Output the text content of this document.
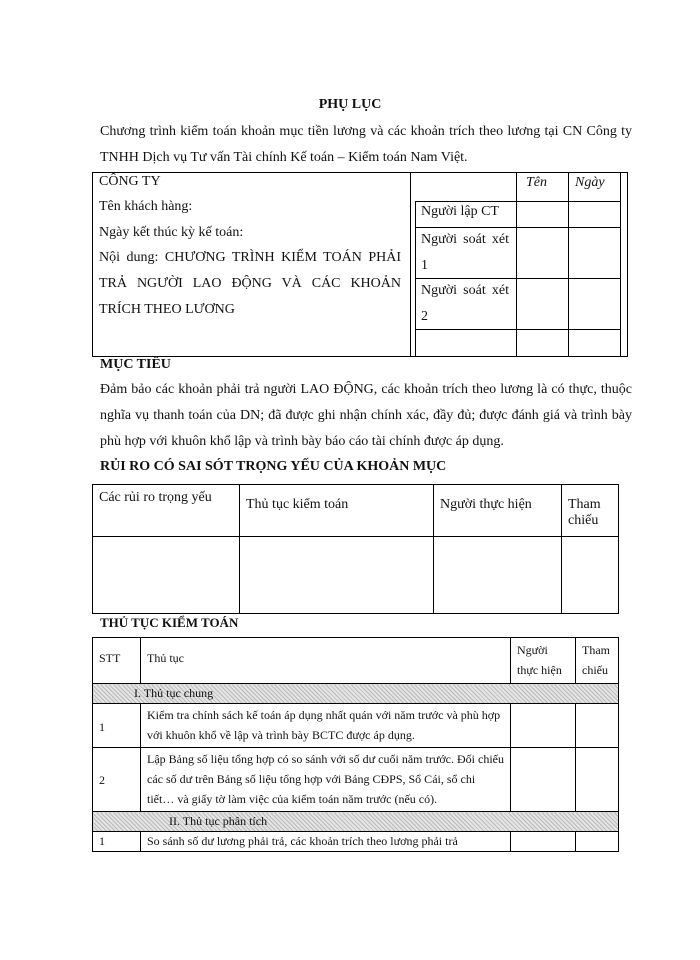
PHỤ LỤC
Chương trình kiểm toán khoản mục tiền lương và các khoản trích theo lương tại CN Công ty TNHH Dịch vụ Tư vấn Tài chính Kế toán – Kiểm toán Nam Việt.
CÔNG TY
Tên khách hàng:
Ngày kết thúc kỳ kế toán:
Nội dung: CHƯƠNG TRÌNH KIỂM TOÁN PHẢI TRẢ NGƯỜI LAO ĐỘNG VÀ CÁC KHOẢN TRÍCH THEO LƯƠNG
Tên Ngày
Người lập CT
Người soát xét 1
Người soát xét 2
MỤC TIÊU
Đảm bảo các khoản phải trả người LAO ĐỘNG, các khoản trích theo lương là có thực, thuộc nghĩa vụ thanh toán của DN; đã được ghi nhận chính xác, đầy đủ; được đánh giá và trình bày phù hợp với khuôn khổ lập và trình bày báo cáo tài chính được áp dụng.
RỦI RO CÓ SAI SÓT TRỌNG YẾU CỦA KHOẢN MỤC
Các rủi ro trọng yếu	Thủ tục kiểm toán	Người thực hiện	Tham chiếu

THỦ TỤC KIỂM TOÁN
STT	Thủ tục	Người thực hiện	Tham chiếu
I. Thủ tục chung			
1	Kiểm tra chính sách kế toán áp dụng nhất quán với năm trước và phù hợp với khuôn khổ về lập và trình bày BCTC được áp dụng.		
2	Lập Bảng số liệu tổng hợp có so sánh với số dư cuối năm trước. Đối chiếu các số dư trên Bảng số liệu tổng hợp với Bảng CĐPS, Sổ Cái, sổ chi tiết… và giấy tờ làm việc của kiểm toán năm trước (nếu có).		
II. Thủ tục phân tích			
1	So sánh số dư lương phải trả, các khoản trích theo lương phải trả		
